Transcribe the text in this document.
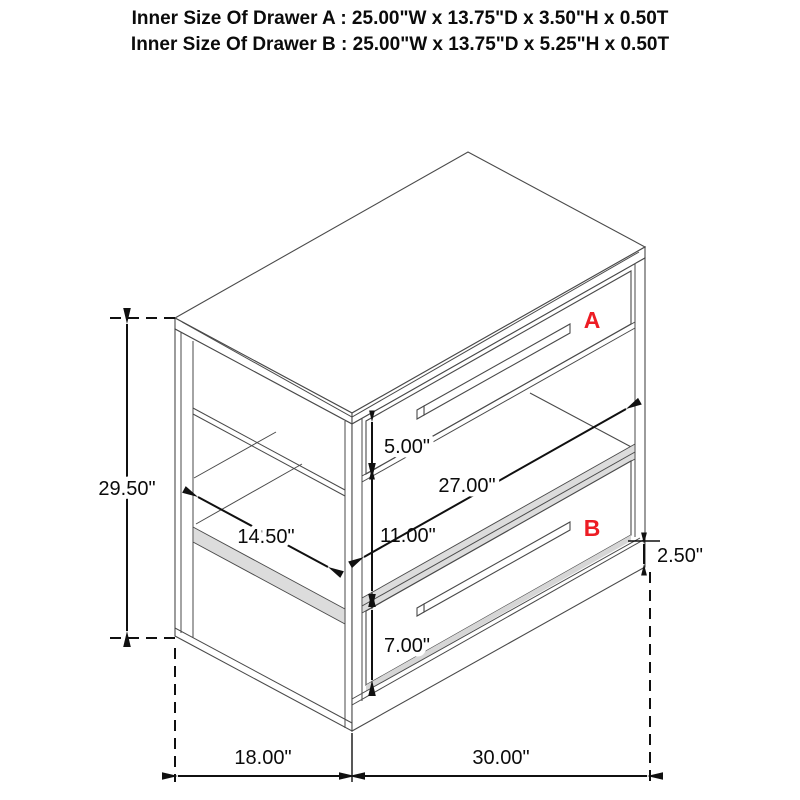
Inner Size Of Drawer A : 25.00"W x 13.75"D x 3.50"H x 0.50T
Inner Size Of Drawer B : 25.00"W x 13.75"D x 5.25"H x 0.50T
29.50"
5.00"
11.00"
7.00"
27.00"
14.50"
2.50"
18.00"	30.00"
A
B
